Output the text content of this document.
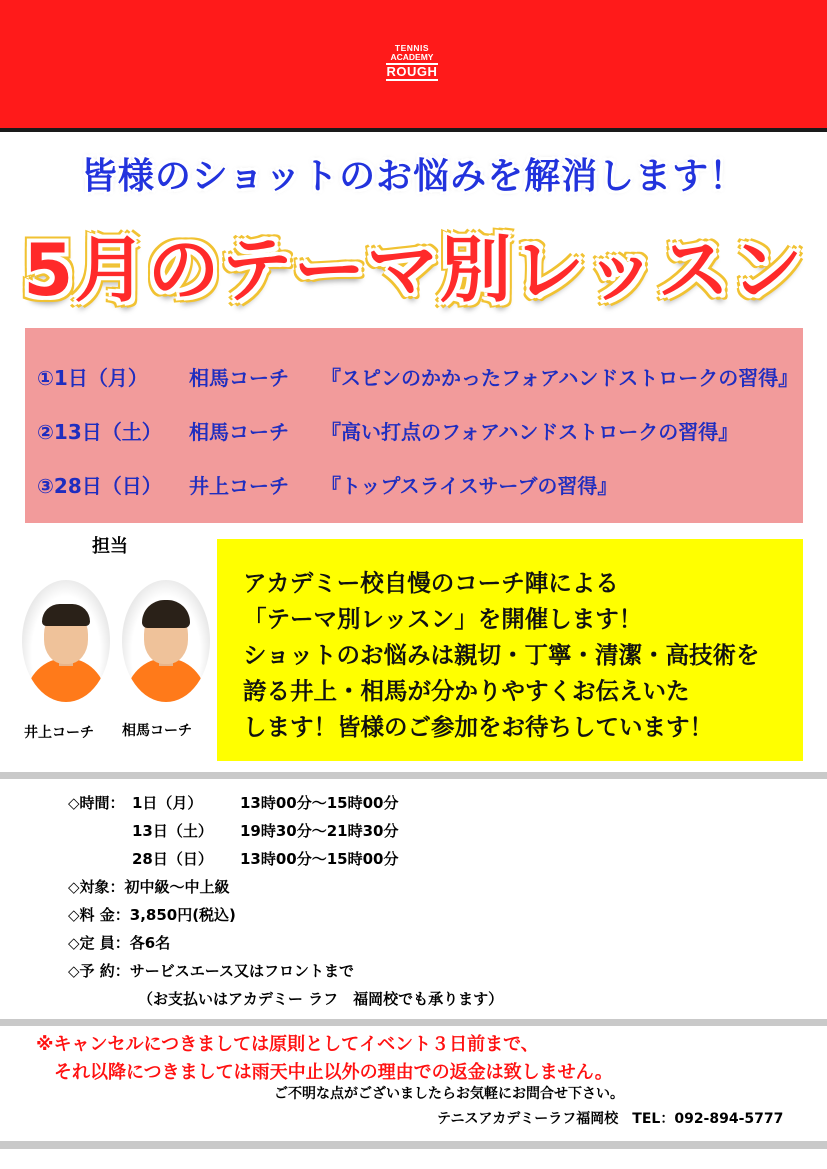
TENNIS
ACADEMY
ROUGH
皆様のショットのお悩みを解消します！
5月のテーマ別レッスン
①1日（月） 相馬コーチ 『スピンのかかったフォアハンドストロークの習得』
②13日（土） 相馬コーチ 『高い打点のフォアハンドストロークの習得』
③28日（日） 井上コーチ 『トップスライスサーブの習得』
担当
井上コーチ 相馬コーチ
アカデミー校自慢のコーチ陣による
「テーマ別レッスン」を開催します！
ショットのお悩みは親切・丁寧・清潔・高技術を
誇る井上・相馬が分かりやすくお伝えいた
します！皆様のご参加をお待ちしています！
◇時間： 1日（月）	13時00分～15時00分
13日（土） 19時30分～21時30分
28日（日） 13時00分～15時00分
◇対象：初中級～中上級
◇料 金：3,850円(税込)
◇定 員：各6名
◇予 約：サービスエース又はフロントまで
（お支払いはアカデミー ラフ　福岡校でも承ります）
※キャンセルにつきましては原則としてイベント３日前まで、
それ以降につきましては雨天中止以外の理由での返金は致しません。
ご不明な点がございましたらお気軽にお問合せ下さい。
テニスアカデミーラフ福岡校　TEL：092-894-5777
